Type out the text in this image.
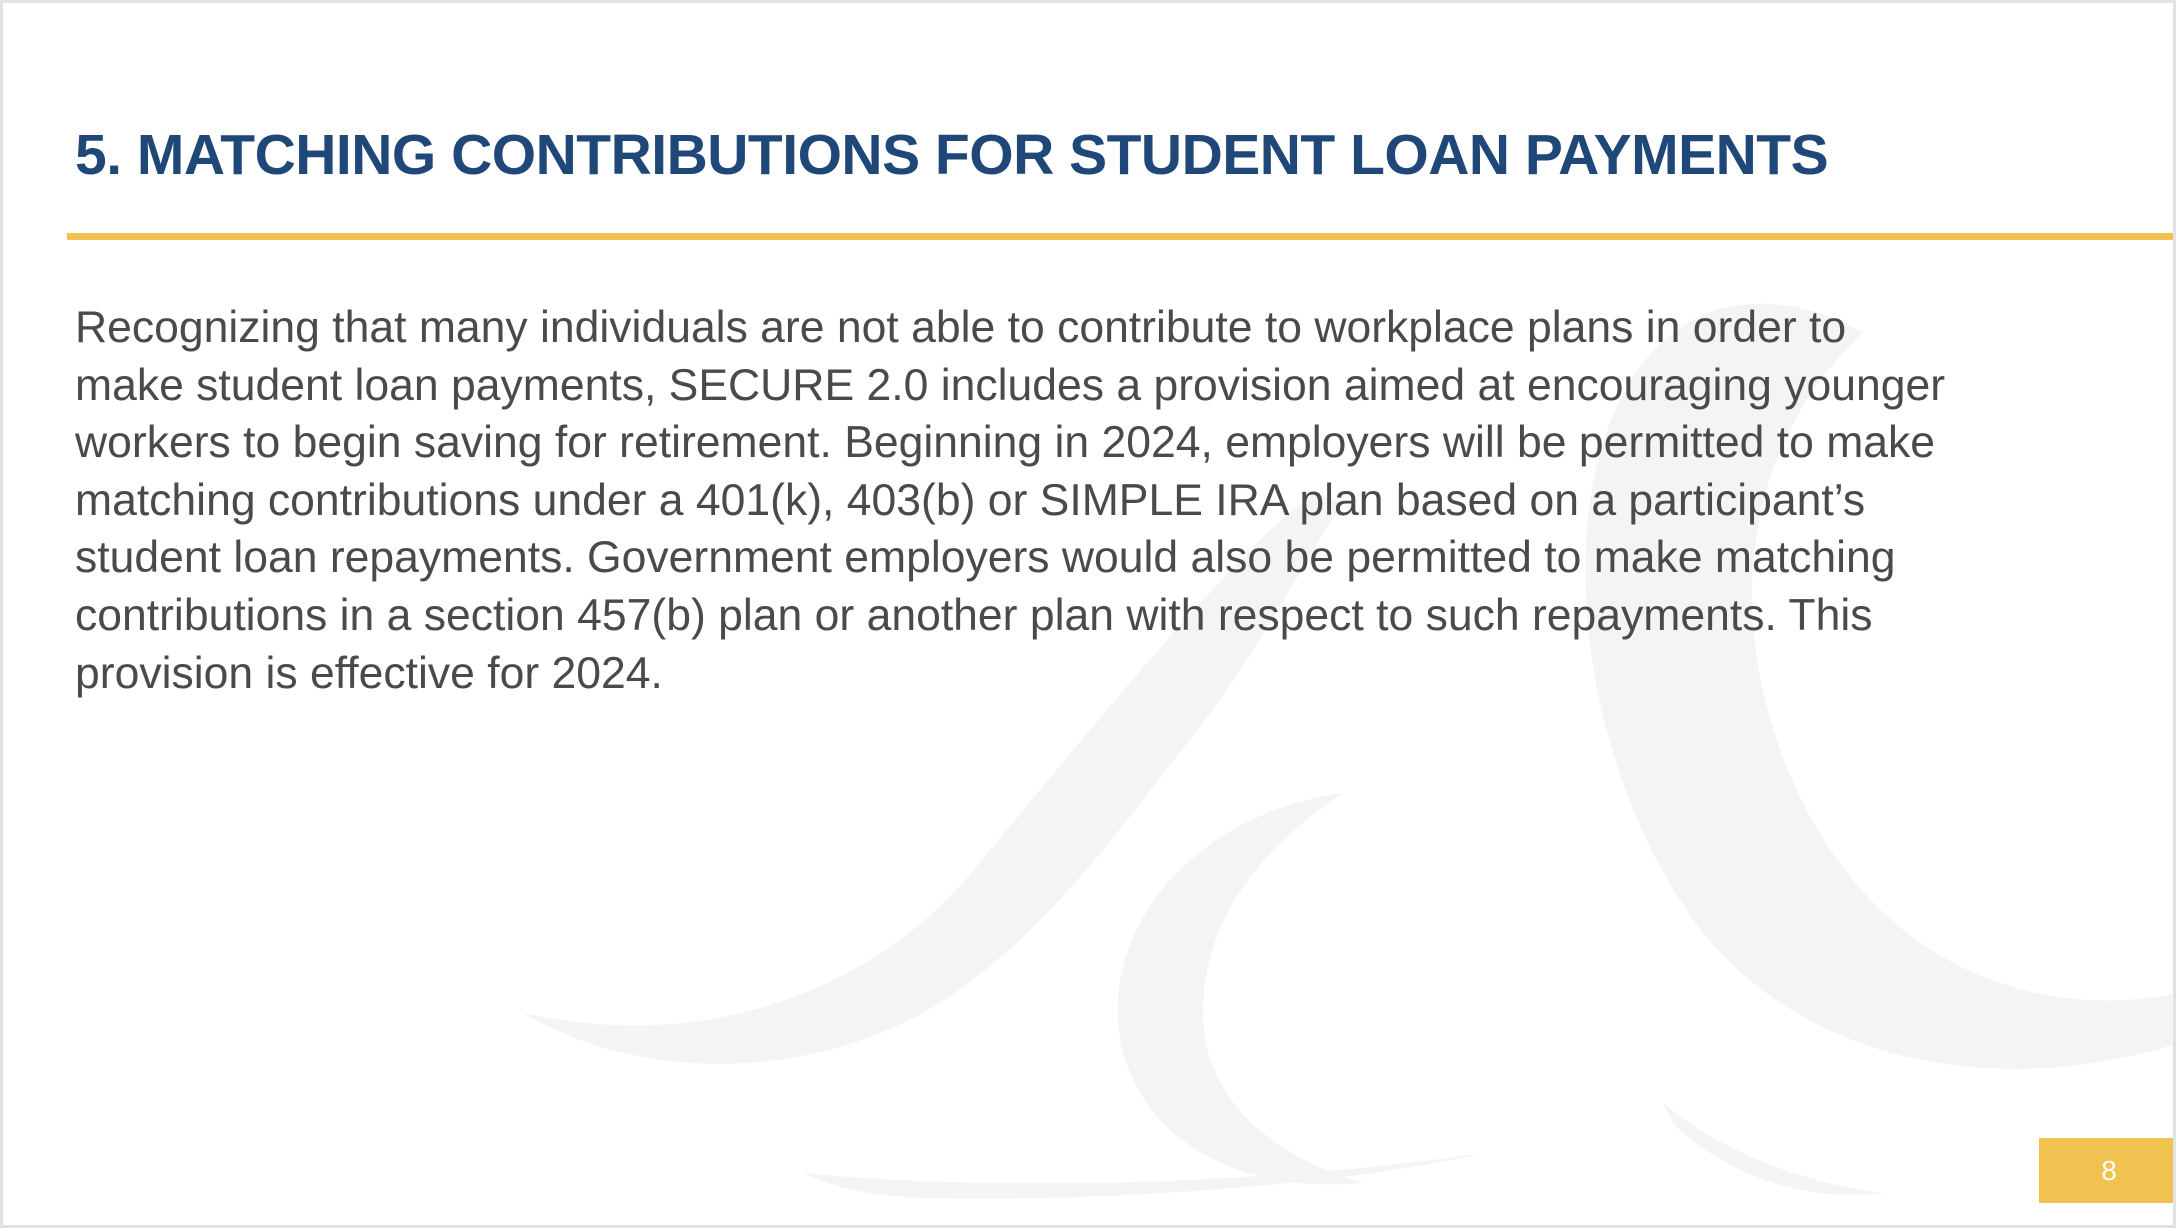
5. MATCHING CONTRIBUTIONS FOR STUDENT LOAN PAYMENTS
Recognizing that many individuals are not able to contribute to workplace plans in order to
make student loan payments, SECURE 2.0 includes a provision aimed at encouraging younger
workers to begin saving for retirement. Beginning in 2024, employers will be permitted to make
matching contributions under a 401(k), 403(b) or SIMPLE IRA plan based on a participant’s
student loan repayments. Government employers would also be permitted to make matching
contributions in a section 457(b) plan or another plan with respect to such repayments. This
provision is effective for 2024.
8
